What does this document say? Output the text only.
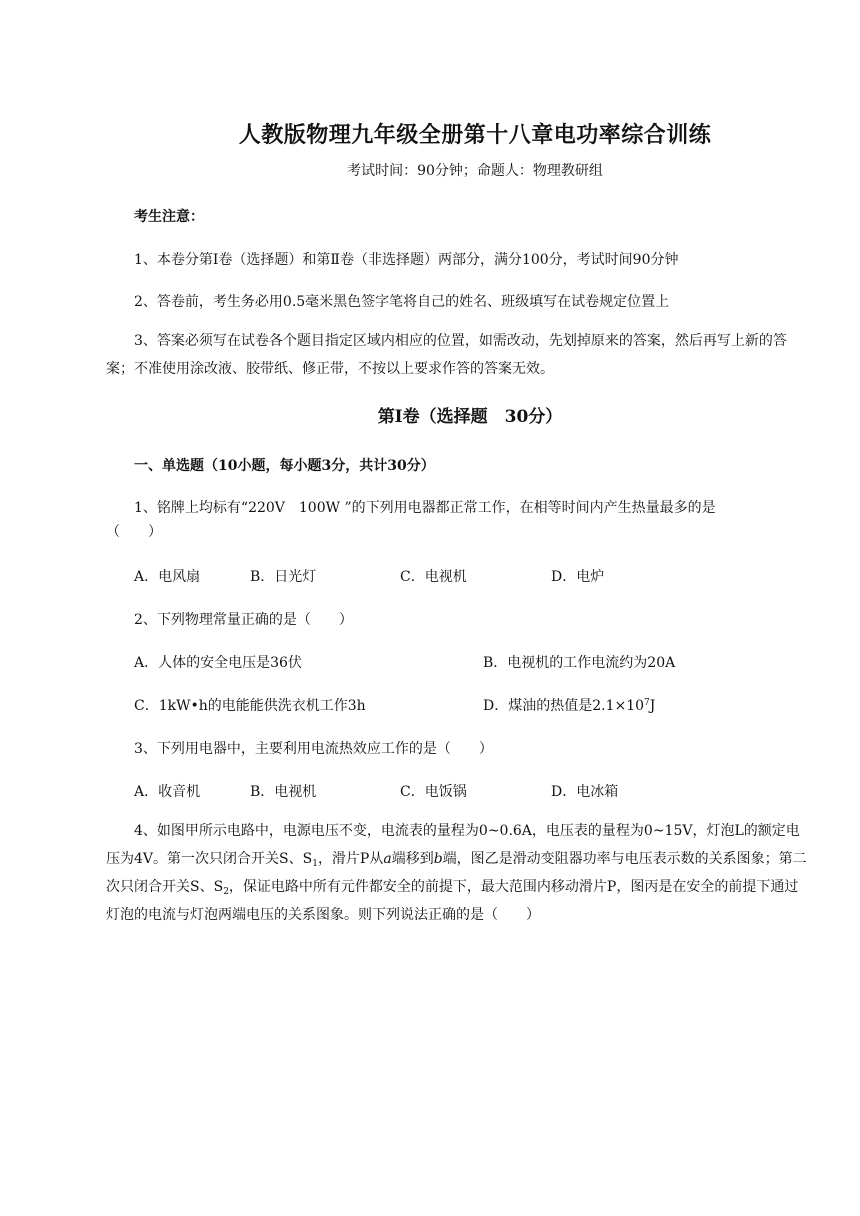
人教版物理九年级全册第十八章电功率综合训练
考试时间：90分钟；命题人：物理教研组
考生注意：
1、本卷分第Ⅰ卷（选择题）和第Ⅱ卷（非选择题）两部分，满分100分，考试时间90分钟
2、答卷前，考生务必用0.5毫米黑色签字笔将自己的姓名、班级填写在试卷规定位置上
3、答案必须写在试卷各个题目指定区域内相应的位置，如需改动，先划掉原来的答案，然后再写上新的答案；不准使用涂改液、胶带纸、修正带，不按以上要求作答的答案无效。
第Ⅰ卷（选择题　30分）
一、单选题（10小题，每小题3分，共计30分）
1、铭牌上均标有“220V　100W ”的下列用电器都正常工作，在相等时间内产生热量最多的是
（　　）
A．电风扇	B．日光灯	C．电视机	D．电炉
2、下列物理常量正确的是（　　）
A．人体的安全电压是36伏	B．电视机的工作电流约为20A
C．1kW•h的电能能供洗衣机工作3h	D．煤油的热值是$2.1\times 10^7J$
3、下列用电器中，主要利用电流热效应工作的是（　　）
A．收音机	B．电视机	C．电饭锅	D．电冰箱
4、如图甲所示电路中，电源电压不变，电流表的量程为0~0.6A，电压表的量程为0~15V，灯泡L的额定电压为4V。第一次只闭合开关S、$S_1$，滑片P从a端移到b端，图乙是滑动变阻器功率与电压表示数的关系图象；第二次只闭合开关S、$S_2$，保证电路中所有元件都安全的前提下，最大范围内移动滑片P，图丙是在安全的前提下通过灯泡的电流与灯泡两端电压的关系图象。则下列说法正确的是（　　）
